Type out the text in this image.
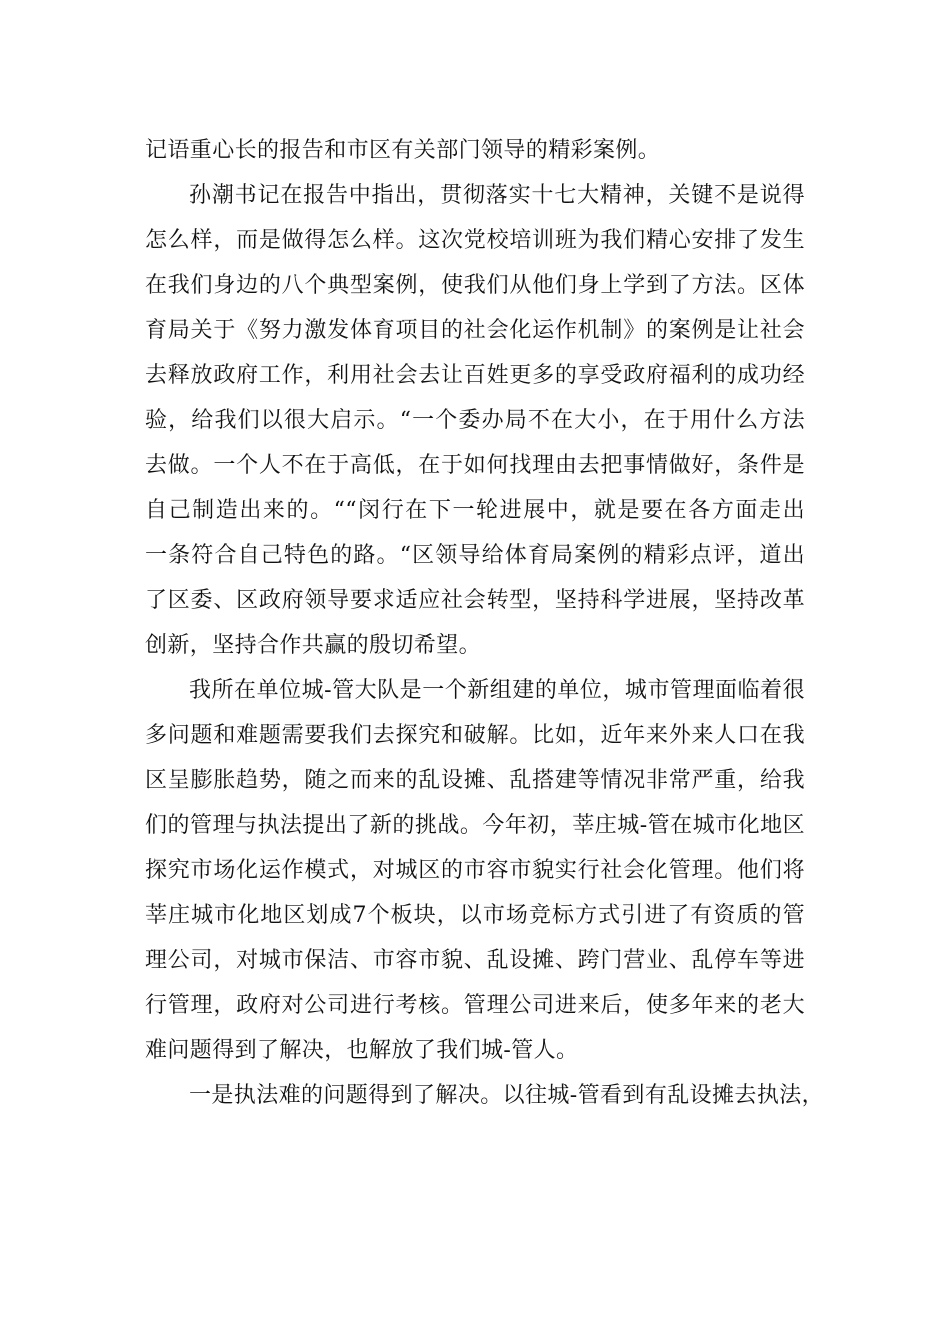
记语重心长的报告和市区有关部门领导的精彩案例。
孙潮书记在报告中指出，贯彻落实十七大精神，关键不是说得
怎么样，而是做得怎么样。这次党校培训班为我们精心安排了发生
在我们身边的八个典型案例，使我们从他们身上学到了方法。区体
育局关于《努力激发体育项目的社会化运作机制》的案例是让社会
去释放政府工作，利用社会去让百姓更多的享受政府福利的成功经
验，给我们以很大启示。“一个委办局不在大小，在于用什么方法
去做。一个人不在于高低，在于如何找理由去把事情做好，条件是
自己制造出来的。““闵行在下一轮进展中，就是要在各方面走出
一条符合自己特色的路。“区领导给体育局案例的精彩点评，道出
了区委、区政府领导要求适应社会转型，坚持科学进展，坚持改革
创新，坚持合作共赢的殷切希望。
我所在单位城-管大队是一个新组建的单位，城市管理面临着很
多问题和难题需要我们去探究和破解。比如，近年来外来人口在我
区呈膨胀趋势，随之而来的乱设摊、乱搭建等情况非常严重，给我
们的管理与执法提出了新的挑战。今年初，莘庄城-管在城市化地区
探究市场化运作模式，对城区的市容市貌实行社会化管理。他们将
莘庄城市化地区划成7个板块，以市场竞标方式引进了有资质的管
理公司，对城市保洁、市容市貌、乱设摊、跨门营业、乱停车等进
行管理，政府对公司进行考核。管理公司进来后，使多年来的老大
难问题得到了解决，也解放了我们城-管人。
一是执法难的问题得到了解决。以往城-管看到有乱设摊去执法，
